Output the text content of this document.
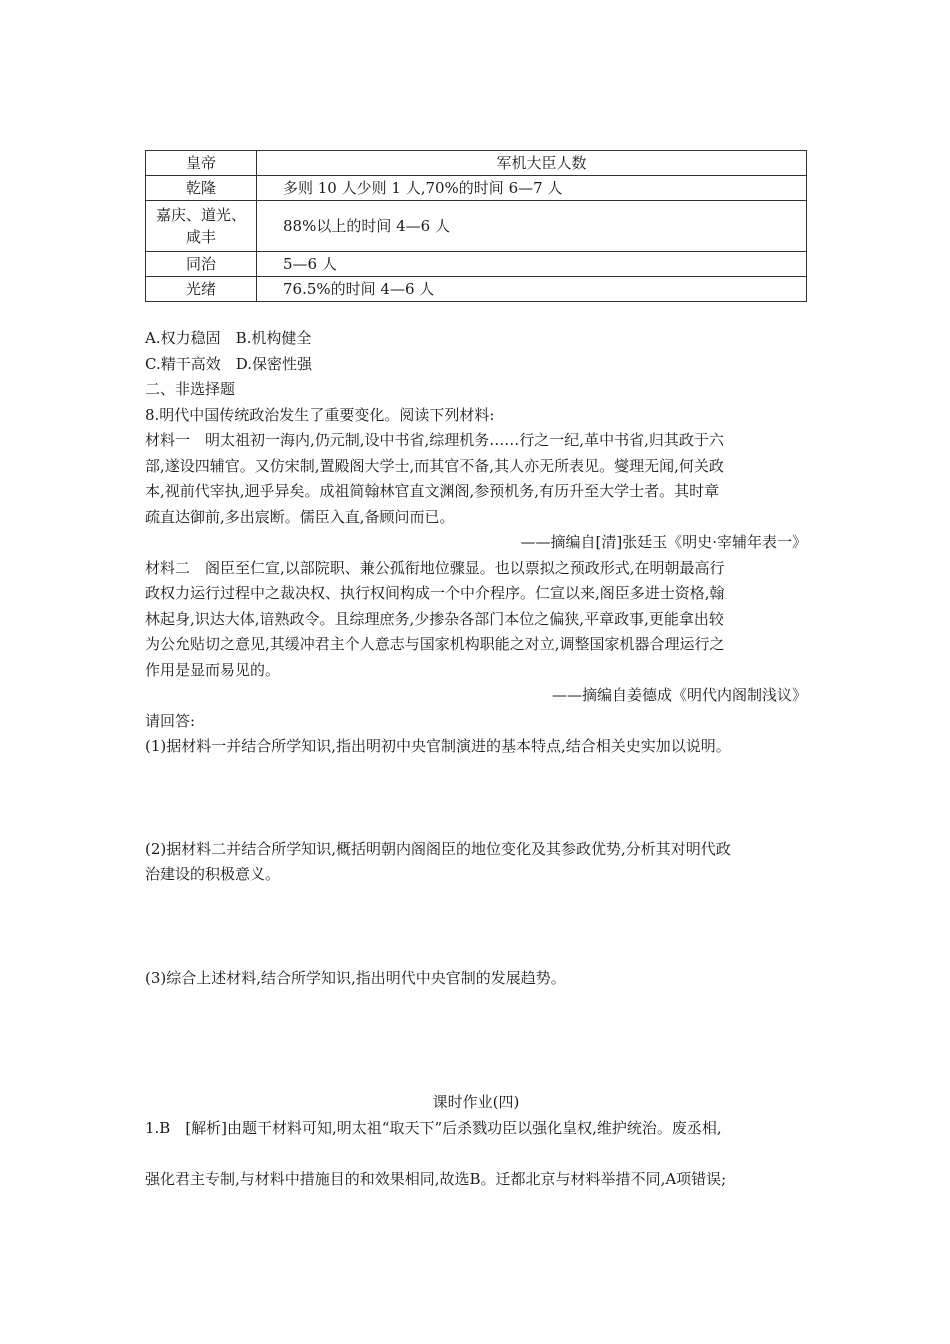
皇帝	军机大臣人数
乾隆	多则 10 人少则 1 人,70%的时间 6—7 人
嘉庆、道光、咸丰	88%以上的时间 4—6 人
同治	5—6 人
光绪	76.5%的时间 4—6 人

A.权力稳固　B.机构健全

C.精干高效　D.保密性强

二、非选择题

8.明代中国传统政治发生了重要变化。阅读下列材料:

材料一　明太祖初一海内,仍元制,设中书省,综理机务……行之一纪,革中书省,归其政于六

部,遂设四辅官。又仿宋制,置殿阁大学士,而其官不备,其人亦无所表见。燮理无闻,何关政

本,视前代宰执,迥乎异矣。成祖简翰林官直文渊阁,参预机务,有历升至大学士者。其时章

疏直达御前,多出宸断。儒臣入直,备顾问而已。

——摘编自[清]张廷玉《明史·宰辅年表一》

材料二　阁臣至仁宣,以部院职、兼公孤衔地位骤显。也以票拟之预政形式,在明朝最高行

政权力运行过程中之裁决权、执行权间构成一个中介程序。仁宣以来,阁臣多进士资格,翰

林起身,识达大体,谙熟政令。且综理庶务,少掺杂各部门本位之偏狭,平章政事,更能拿出较

为公允贴切之意见,其缓冲君主个人意志与国家机构职能之对立,调整国家机器合理运行之

作用是显而易见的。

——摘编自姜德成《明代内阁制浅议》

请回答:

(1)据材料一并结合所学知识,指出明初中央官制演进的基本特点,结合相关史实加以说明。

(2)据材料二并结合所学知识,概括明朝内阁阁臣的地位变化及其参政优势,分析其对明代政

治建设的积极意义。

(3)综合上述材料,结合所学知识,指出明代中央官制的发展趋势。

课时作业(四)

1.B　[解析]由题干材料可知,明太祖“取天下”后杀戮功臣以强化皇权,维护统治。废丞相,

强化君主专制,与材料中措施目的和效果相同,故选B。迁都北京与材料举措不同,A项错误;
